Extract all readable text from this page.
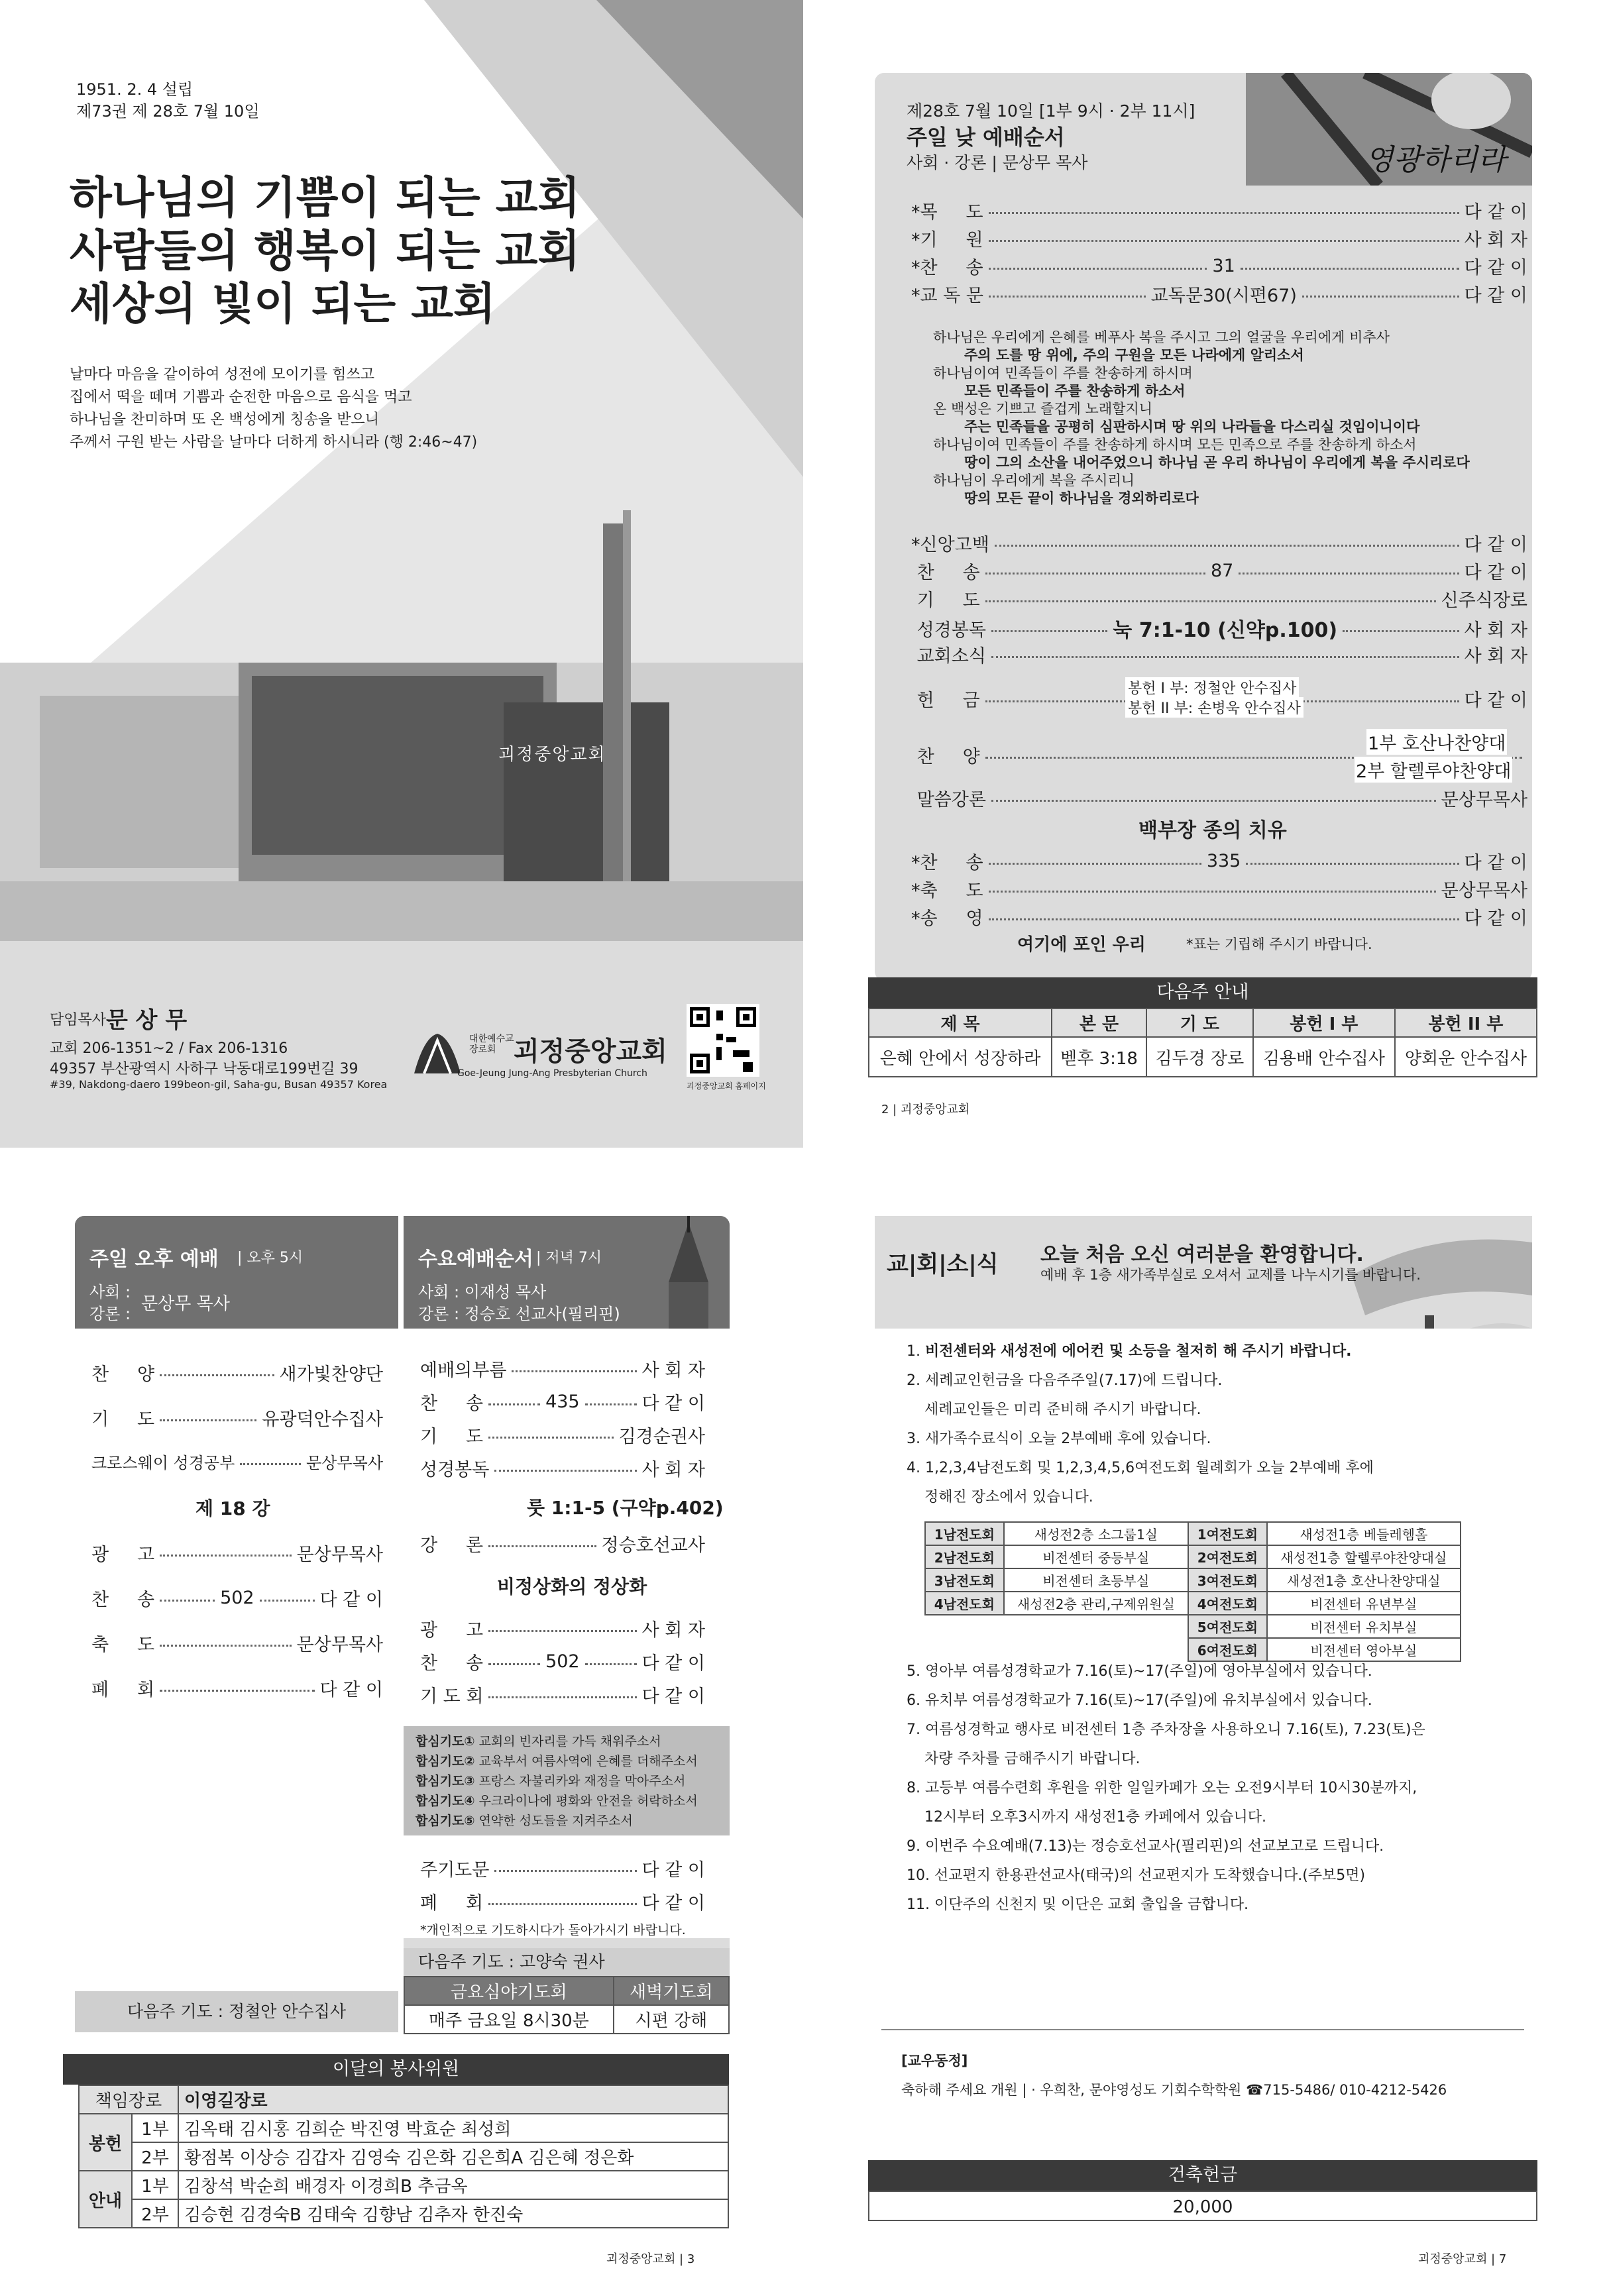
1951. 2. 4 설립
제73권 제 28호 7월 10일
하나님의 기쁨이 되는 교회
사람들의 행복이 되는 교회
세상의 빛이 되는 교회
날마다 마음을 같이하여 성전에 모이기를 힘쓰고
집에서 떡을 떼며 기쁨과 순전한 마음으로 음식을 먹고
하나님을 찬미하며 또 온 백성에게 칭송을 받으니
주께서 구원 받는 사람을 날마다 더하게 하시니라 (행 2:46~47)
괴정중앙교회
담임목사 문 상 무
교회 206-1351~2 / Fax 206-1316
49357 부산광역시 사하구 낙동대로199번길 39
#39, Nakdong-daero 199beon-gil, Saha-gu, Busan 49357 Korea
대한예수교 장로회 괴정중앙교회
Goe-Jeung Jung-Ang Presbyterian Church
괴정중앙교회 홈페이지
영광하리라
제28호 7월 10일 [1부 9시 · 2부 11시]
주일 낮 예배순서
사회 · 강론 | 문상무 목사
*목     도	다 같 이
*기     원	사 회 자
*찬     송	31	다 같 이
*교 독 문	교독문30(시편67)	다 같 이
하나님은 우리에게 은혜를 베푸사 복을 주시고 그의 얼굴을 우리에게 비추사
주의 도를 땅 위에, 주의 구원을 모든 나라에게 알리소서
하나님이여 민족들이 주를 찬송하게 하시며
모든 민족들이 주를 찬송하게 하소서
온 백성은 기쁘고 즐겁게 노래할지니
주는 민족들을 공평히 심판하시며 땅 위의 나라들을 다스리실 것임이니이다
하나님이여 민족들이 주를 찬송하게 하시며 모든 민족으로 주를 찬송하게 하소서
땅이 그의 소산을 내어주었으니 하나님 곧 우리 하나님이 우리에게 복을 주시리로다
하나님이 우리에게 복을 주시리니
땅의 모든 끝이 하나님을 경외하리로다
*신앙고백	다 같 이
찬     송	87	다 같 이
기     도	신주식장로
성경봉독	눅 7:1-10 (신약p.100)	사 회 자
교회소식	사 회 자
헌     금	다 같 이
봉헌 I 부: 정철안 안수집사
봉헌 II 부: 손병욱 안수집사
찬     양
1부 호산나찬양대
2부 할렐루야찬양대
말씀강론	문상무목사
백부장 종의 치유
*찬     송	335	다 같 이
*축     도	문상무목사
*송     영	다 같 이
여기에 포인 우리	*표는 기립해 주시기 바랍니다.
다음주 안내
제 목	본 문	기 도	봉헌 I 부	봉헌 II 부
은혜 안에서 성장하라	벧후 3:18	김두경 장로	김용배 안수집사	양회운 안수집사
2 | 괴정중앙교회
주일 오후 예배 | 오후 5시
사회 :
강론 : 문상무 목사
다음주 기도 : 정철안 안수집사
찬     양	새가빛찬양단
기     도	유광덕안수집사
크로스웨이 성경공부	문상무목사
제 18 강
광     고	문상무목사
찬     송	502	다 같 이
축     도	문상무목사
폐     회	다 같 이
수요예배순서 | 저녁 7시
사회 : 이재성 목사
강론 : 정승호 선교사(필리핀)
예배의부름	사 회 자
찬     송	435	다 같 이
기     도	김경순권사
성경봉독	사 회 자
룻 1:1-5 (구약p.402)
강     론	정승호선교사
비정상화의 정상화
광     고	사 회 자
찬     송	502	다 같 이
기 도 회	다 같 이
합심기도① 교회의 빈자리를 가득 채워주소서
합심기도② 교육부서 여름사역에 은혜를 더해주소서
합심기도③ 프랑스 자불리카와 재정을 막아주소서
합심기도④ 우크라이나에 평화와 안전을 허락하소서
합심기도⑤ 연약한 성도들을 지켜주소서
주기도문	다 같 이
폐     회	다 같 이
*개인적으로 기도하시다가 돌아가시기 바랍니다.
다음주 기도 : 고양숙 권사
금요심야기도회	새벽기도회
매주 금요일 8시30분	시편 강해
이달의 봉사위원
책임장로		이영길장로
봉헌	1부	김옥태 김시홍 김희순 박진영 박효순 최성희
	2부	황점복 이상승 김갑자 김영숙 김은화 김은희A 김은혜 정은화
안내	1부	김창석 박순희 배경자 이경희B 추금옥
	2부	김승현 김경숙B 김태숙 김향남 김추자 한진숙
괴정중앙교회 | 3
교|회|소|식 오늘 처음 오신 여러분을 환영합니다.
예배 후 1층 새가족부실로 오셔서 교제를 나누시기를 바랍니다.
1. 비전센터와 새성전에 에어컨 및 소등을 철저히 해 주시기 바랍니다.
2. 세례교인헌금을 다음주주일(7.17)에 드립니다.
세례교인들은 미리 준비해 주시기 바랍니다.
3. 새가족수료식이 오늘 2부예배 후에 있습니다.
4. 1,2,3,4남전도회 및 1,2,3,4,5,6여전도회 월례회가 오늘 2부예배 후에
정해진 장소에서 있습니다.
1남전도회	새성전2층 소그룹1실	1여전도회	새성전1층 베들레헴홀
2남전도회	비전센터 중등부실	2여전도회	새성전1층 할렐루야찬양대실
3남전도회	비전센터 초등부실	3여전도회	새성전1층 호산나찬양대실
4남전도회	새성전2층 관리,구제위원실	4여전도회	비전센터 유년부실
		5여전도회	비전센터 유치부실
		6여전도회	비전센터 영아부실
5. 영아부 여름성경학교가 7.16(토)~17(주일)에 영아부실에서 있습니다.
6. 유치부 여름성경학교가 7.16(토)~17(주일)에 유치부실에서 있습니다.
7. 여름성경학교 행사로 비전센터 1층 주차장을 사용하오니 7.16(토), 7.23(토)은
차량 주차를 금해주시기 바랍니다.
8. 고등부 여름수련회 후원을 위한 일일카페가 오는 오전9시부터 10시30분까지,
12시부터 오후3시까지 새성전1층 카페에서 있습니다.
9. 이번주 수요예배(7.13)는 정승호선교사(필리핀)의 선교보고로 드립니다.
10. 선교편지 한용관선교사(태국)의 선교편지가 도착했습니다.(주보5면)
11. 이단주의 신천지 및 이단은 교회 출입을 금합니다.
[교우동정]
축하해 주세요 개원 | · 우희찬, 문야영성도 기회수학학원 ☎715-5486/ 010-4212-5426
건축헌금
20,000
괴정중앙교회 | 7
